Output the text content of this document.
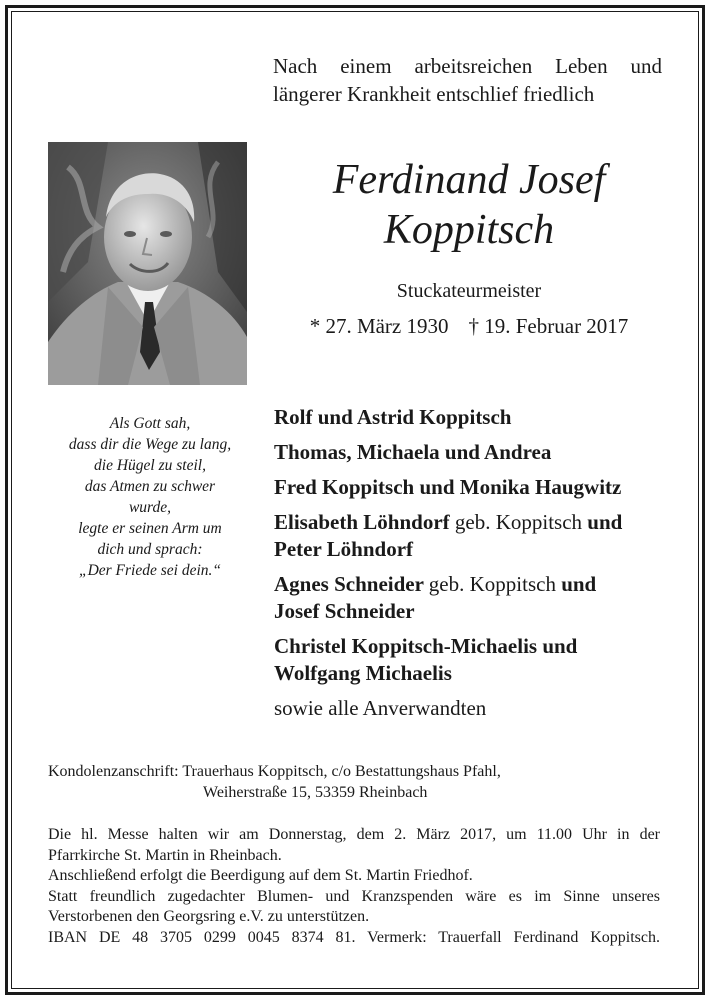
Nach einem arbeitsreichen Leben und
längerer Krankheit entschlief friedlich
Ferdinand Josef
Koppitsch
Stuckateurmeister
* 27. März 1930 † 19. Februar 2017
Als Gott sah,
dass dir die Wege zu lang,
die Hügel zu steil,
das Atmen zu schwer
wurde,
legte er seinen Arm um
dich und sprach:
„Der Friede sei dein.“
Rolf und Astrid Koppitsch
Thomas, Michaela und Andrea
Fred Koppitsch und Monika Haugwitz
Elisabeth Löhndorf geb. Koppitsch und
Peter Löhndorf
Agnes Schneider geb. Koppitsch und
Josef Schneider
Christel Koppitsch-Michaelis und
Wolfgang Michaelis
sowie alle Anverwandten
Kondolenzanschrift: Trauerhaus Koppitsch, c/o Bestattungshaus Pfahl,
Weiherstraße 15, 53359 Rheinbach
Die hl. Messe halten wir am Donnerstag, dem 2. März 2017, um 11.00 Uhr in der
Pfarrkirche St. Martin in Rheinbach.
Anschließend erfolgt die Beerdigung auf dem St. Martin Friedhof.
Statt freundlich zugedachter Blumen- und Kranzspenden wäre es im Sinne unseres
Verstorbenen den Georgsring e.V. zu unterstützen.
IBAN DE 48 3705 0299 0045 8374 81. Vermerk: Trauerfall Ferdinand Koppitsch.
